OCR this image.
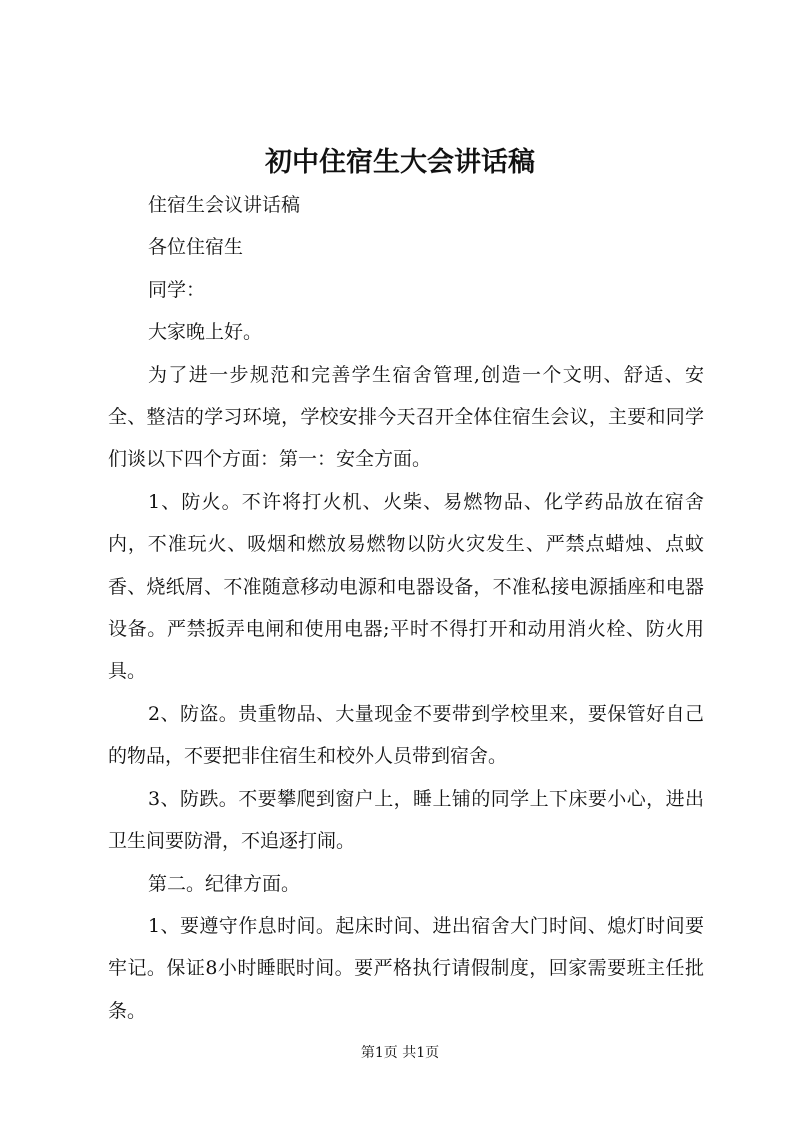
初中住宿生大会讲话稿

住宿生会议讲话稿

各位住宿生

同学：

大家晚上好。

为了进一步规范和完善学生宿舍管理,创造一个文明、舒适、安全、整洁的学习环境，学校安排今天召开全体住宿生会议，主要和同学们谈以下四个方面：第一：安全方面。

1、防火。不许将打火机、火柴、易燃物品、化学药品放在宿舍内，不准玩火、吸烟和燃放易燃物以防火灾发生、严禁点蜡烛、点蚊香、烧纸屑、不准随意移动电源和电器设备，不准私接电源插座和电器设备。严禁扳弄电闸和使用电器;平时不得打开和动用消火栓、防火用具。

2、防盗。贵重物品、大量现金不要带到学校里来，要保管好自己的物品，不要把非住宿生和校外人员带到宿舍。

3、防跌。不要攀爬到窗户上，睡上铺的同学上下床要小心，进出卫生间要防滑，不追逐打闹。

第二。纪律方面。

1、要遵守作息时间。起床时间、进出宿舍大门时间、熄灯时间要牢记。保证8小时睡眠时间。要严格执行请假制度，回家需要班主任批条。

第1页 共1页
